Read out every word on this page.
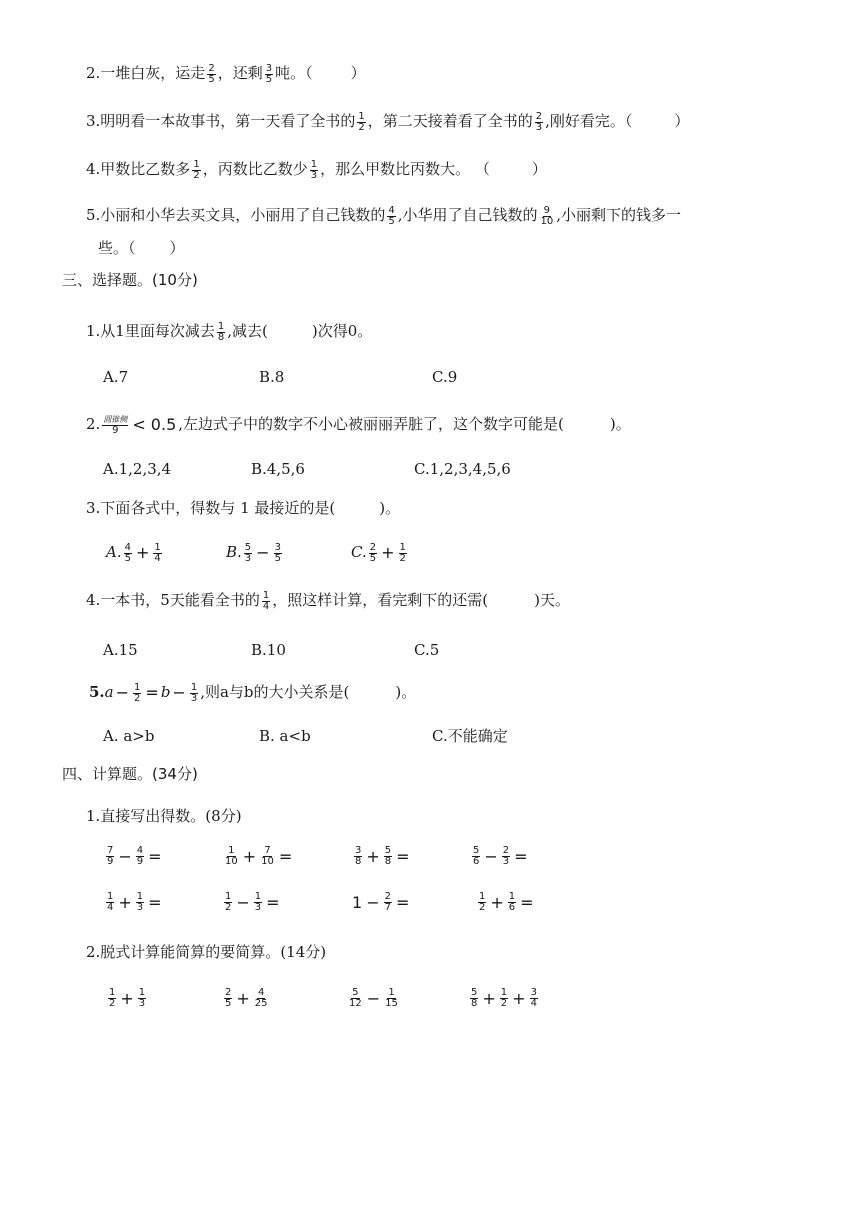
2.一堆白灰，运走 $\frac{2}{5}$ ，还剩 $\frac{3}{5}$ 吨。（	）
3.明明看一本故事书，第一天看了全书的 $\frac{1}{2}$ ，第二天接着看了全书的 $\frac{2}{3}$ ,刚好看完。（	）
4.甲数比乙数多 $\frac{1}{2}$ ，丙数比乙数少 $\frac{1}{3}$ ，那么甲数比丙数大。 （	）
5.小丽和小华去买文具，小丽用了自己钱数的 $\frac{4}{5}$ ,小华用了自己钱数的 $\frac{9}{10}$ ,小丽剩下的钱多一
些。（ ）
三、选择题。(10分)
1.从1里面每次减去 $\frac{1}{8}$ ,减去(	)次得0。
A.7	B.8	C.9
2. $\frac{\text{圆锥侧}}{9} < 0.5$ ,左边式子中的数字不小心被丽丽弄脏了，这个数字可能是(	)。
A.1,2,3,4	B.4,5,6	C.1,2,3,4,5,6
3.下面各式中，得数与 1 最接近的是(	)。
A. $\frac{4}{5} + \frac{1}{4}$	B. $\frac{5}{3} - \frac{3}{5}$	C. $\frac{2}{5} + \frac{1}{2}$
4.一本书，5天能看全书的 $\frac{1}{4}$ ，照这样计算，看完剩下的还需(	)天。
A.15	B.10	C.5
$5.a - \frac{1}{2} = b - \frac{1}{3}$ ,则a与b的大小关系是(	)。
A. a>b	B. a<b	C.不能确定
四、计算题。(34分)
1.直接写出得数。(8分)
$\frac{7}{9} - \frac{4}{9}$ =	$\frac{1}{10} + \frac{7}{10}$ =	$\frac{3}{8} + \frac{5}{8}$ =	$\frac{5}{6} - \frac{2}{3}$ =
$\frac{1}{4} + \frac{1}{3}$ =	$\frac{1}{2} - \frac{1}{3}$ =	$1 - \frac{2}{7}$ =	$\frac{1}{2} + \frac{1}{6}$ =
2.脱式计算能简算的要简算。(14分)
$\frac{1}{2} + \frac{1}{3}$	$\frac{2}{5} + \frac{4}{25}$	$\frac{5}{12} - \frac{1}{15}$	$\frac{5}{8} + \frac{1}{2} + \frac{3}{4}$
